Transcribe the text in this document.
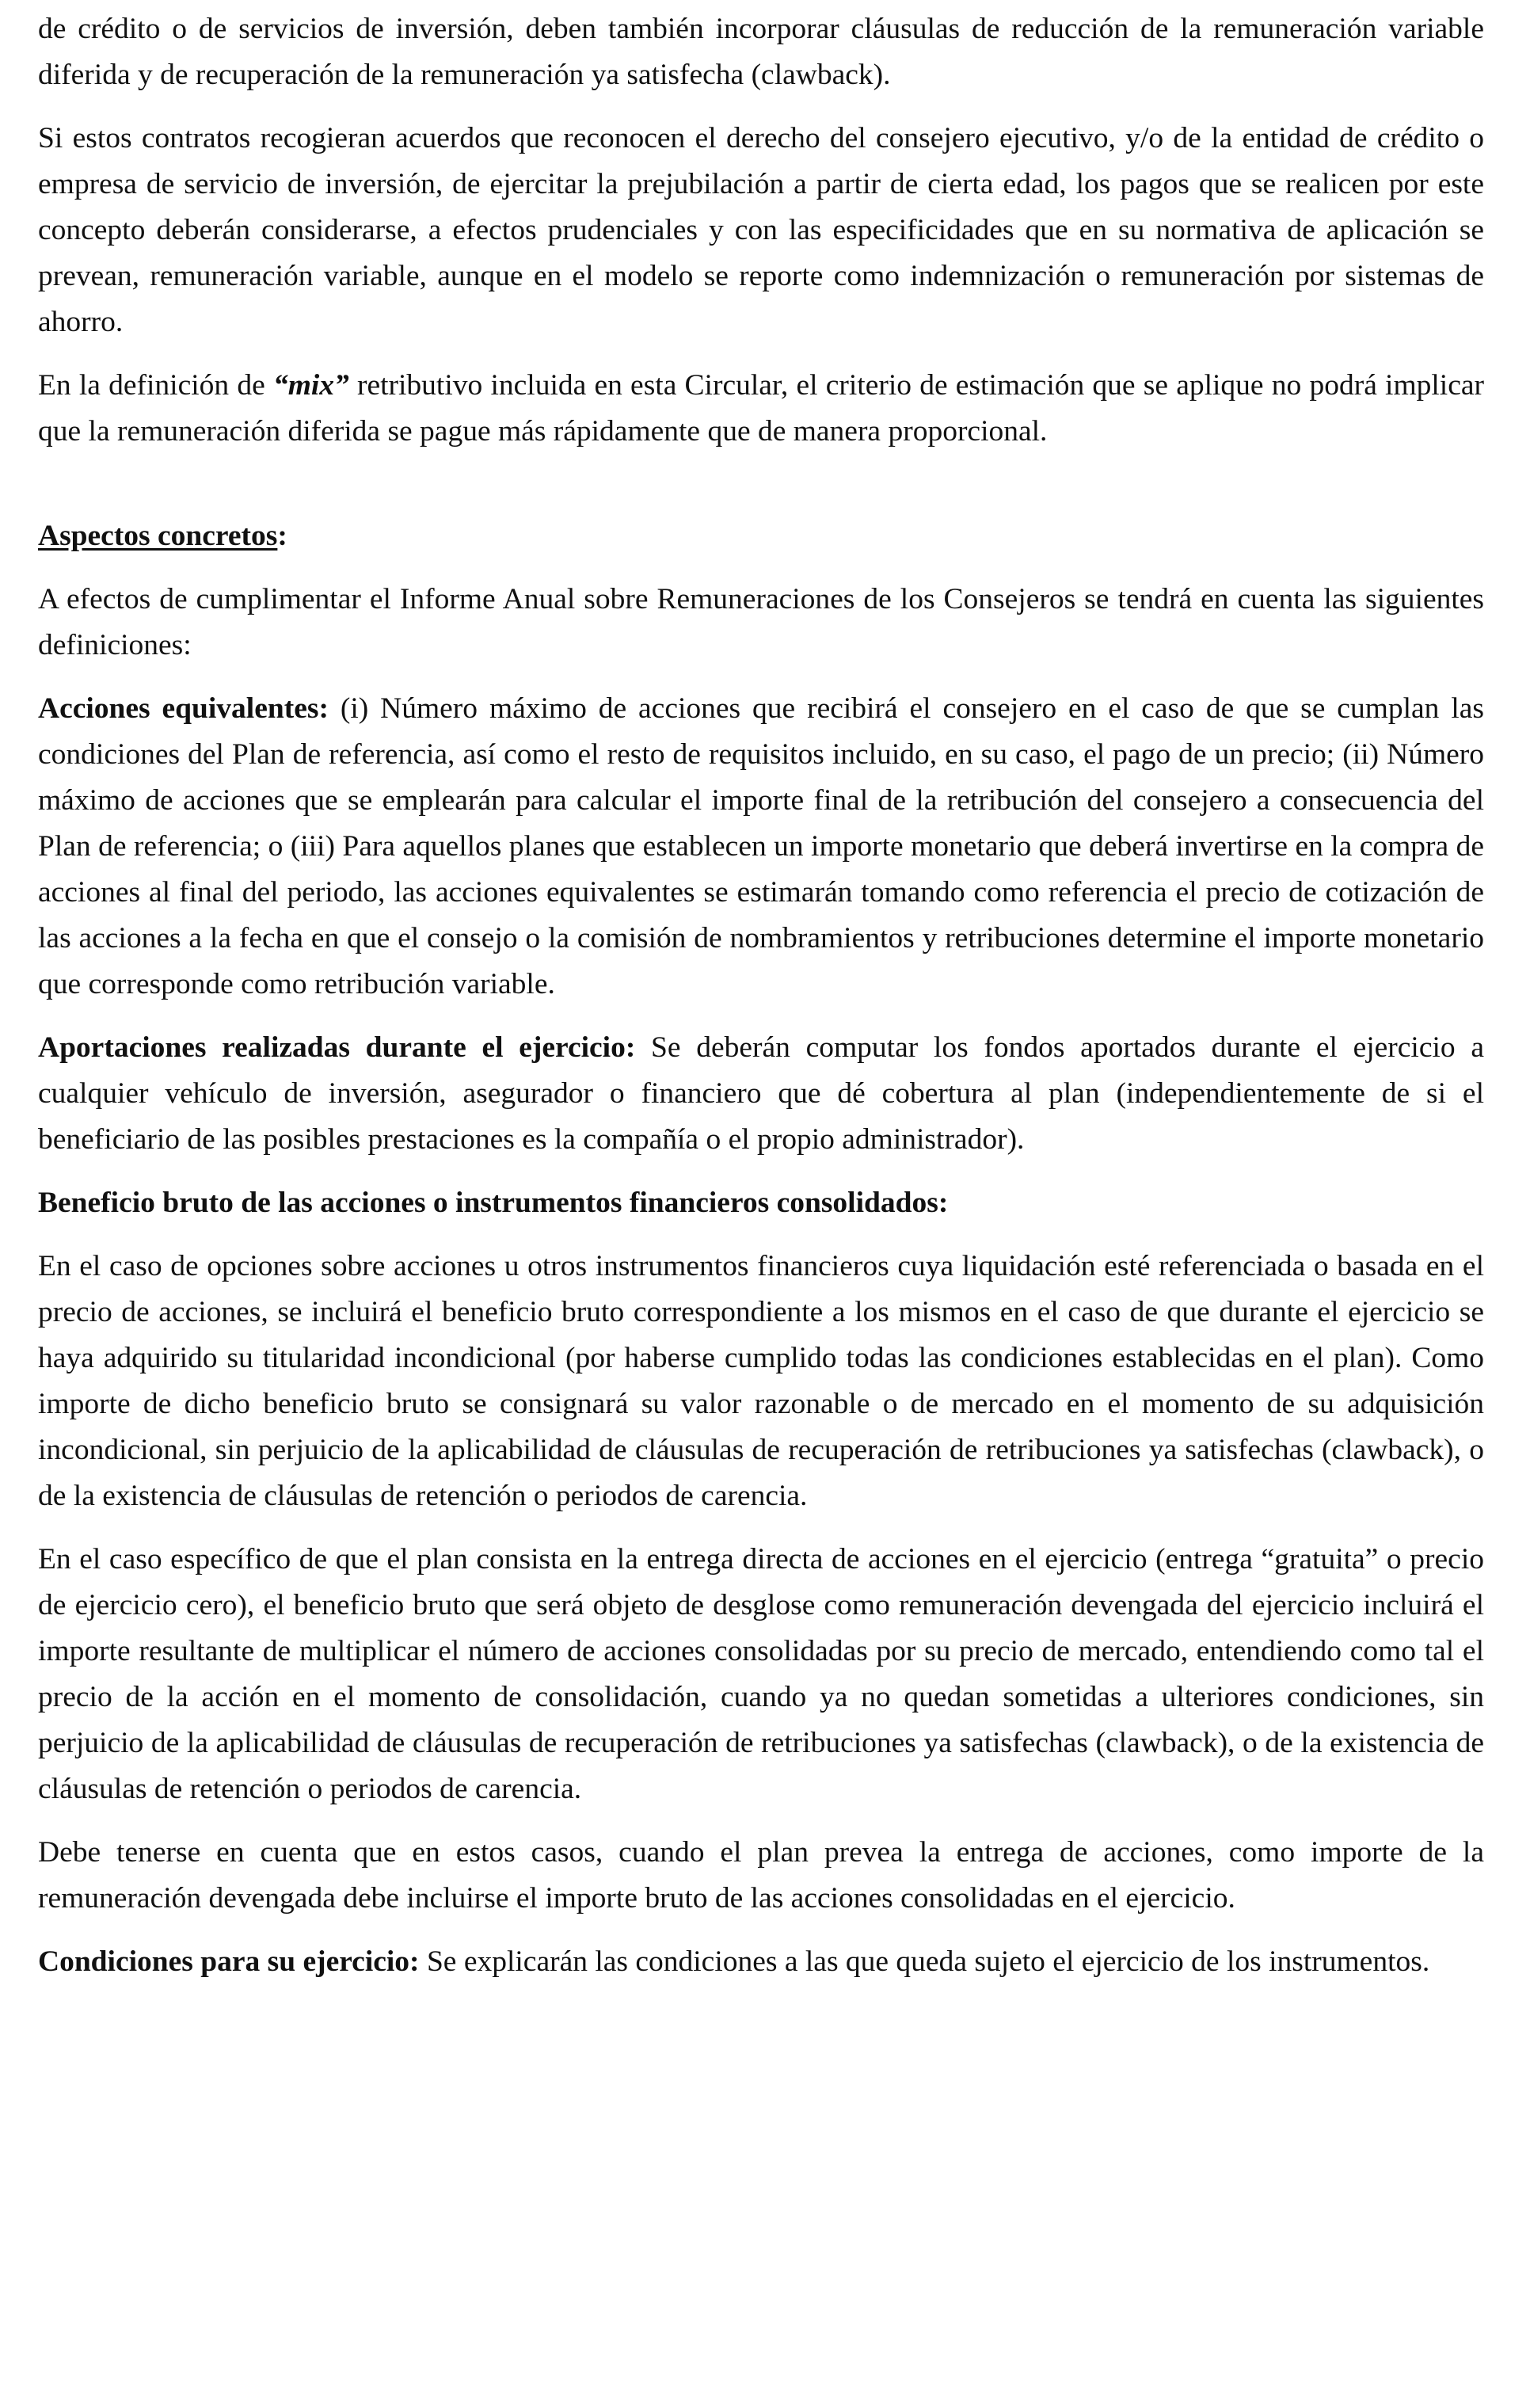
de crédito o de servicios de inversión, deben también incorporar cláusulas de reducción de la remuneración variable diferida y de recuperación de la remuneración ya satisfecha (clawback).

Si estos contratos recogieran acuerdos que reconocen el derecho del consejero ejecutivo, y/o de la entidad de crédito o empresa de servicio de inversión, de ejercitar la prejubilación a partir de cierta edad, los pagos que se realicen por este concepto deberán considerarse, a efectos prudenciales y con las especificidades que en su normativa de aplicación se prevean, remuneración variable, aunque en el modelo se reporte como indemnización o remuneración por sistemas de ahorro.

En la definición de “mix” retributivo incluida en esta Circular, el criterio de estimación que se aplique no podrá implicar que la remuneración diferida se pague más rápidamente que de manera proporcional.

Aspectos concretos:

A efectos de cumplimentar el Informe Anual sobre Remuneraciones de los Consejeros se tendrá en cuenta las siguientes definiciones:

Acciones equivalentes: (i) Número máximo de acciones que recibirá el consejero en el caso de que se cumplan las condiciones del Plan de referencia, así como el resto de requisitos incluido, en su caso, el pago de un precio; (ii) Número máximo de acciones que se emplearán para calcular el importe final de la retribución del consejero a consecuencia del Plan de referencia; o (iii) Para aquellos planes que establecen un importe monetario que deberá invertirse en la compra de acciones al final del periodo, las acciones equivalentes se estimarán tomando como referencia el precio de cotización de las acciones a la fecha en que el consejo o la comisión de nombramientos y retribuciones determine el importe monetario que corresponde como retribución variable.

Aportaciones realizadas durante el ejercicio: Se deberán computar los fondos aportados durante el ejercicio a cualquier vehículo de inversión, asegurador o financiero que dé cobertura al plan (independientemente de si el beneficiario de las posibles prestaciones es la compañía o el propio administrador).

Beneficio bruto de las acciones o instrumentos financieros consolidados:

En el caso de opciones sobre acciones u otros instrumentos financieros cuya liquidación esté referenciada o basada en el precio de acciones, se incluirá el beneficio bruto correspondiente a los mismos en el caso de que durante el ejercicio se haya adquirido su titularidad incondicional (por haberse cumplido todas las condiciones establecidas en el plan). Como importe de dicho beneficio bruto se consignará su valor razonable o de mercado en el momento de su adquisición incondicional, sin perjuicio de la aplicabilidad de cláusulas de recuperación de retribuciones ya satisfechas (clawback), o de la existencia de cláusulas de retención o periodos de carencia.

En el caso específico de que el plan consista en la entrega directa de acciones en el ejercicio (entrega “gratuita” o precio de ejercicio cero), el beneficio bruto que será objeto de desglose como remuneración devengada del ejercicio incluirá el importe resultante de multiplicar el número de acciones consolidadas por su precio de mercado, entendiendo como tal el precio de la acción en el momento de consolidación, cuando ya no quedan sometidas a ulteriores condiciones, sin perjuicio de la aplicabilidad de cláusulas de recuperación de retribuciones ya satisfechas (clawback), o de la existencia de cláusulas de retención o periodos de carencia.

Debe tenerse en cuenta que en estos casos, cuando el plan prevea la entrega de acciones, como importe de la remuneración devengada debe incluirse el importe bruto de las acciones consolidadas en el ejercicio.

Condiciones para su ejercicio: Se explicarán las condiciones a las que queda sujeto el ejercicio de los instrumentos.
